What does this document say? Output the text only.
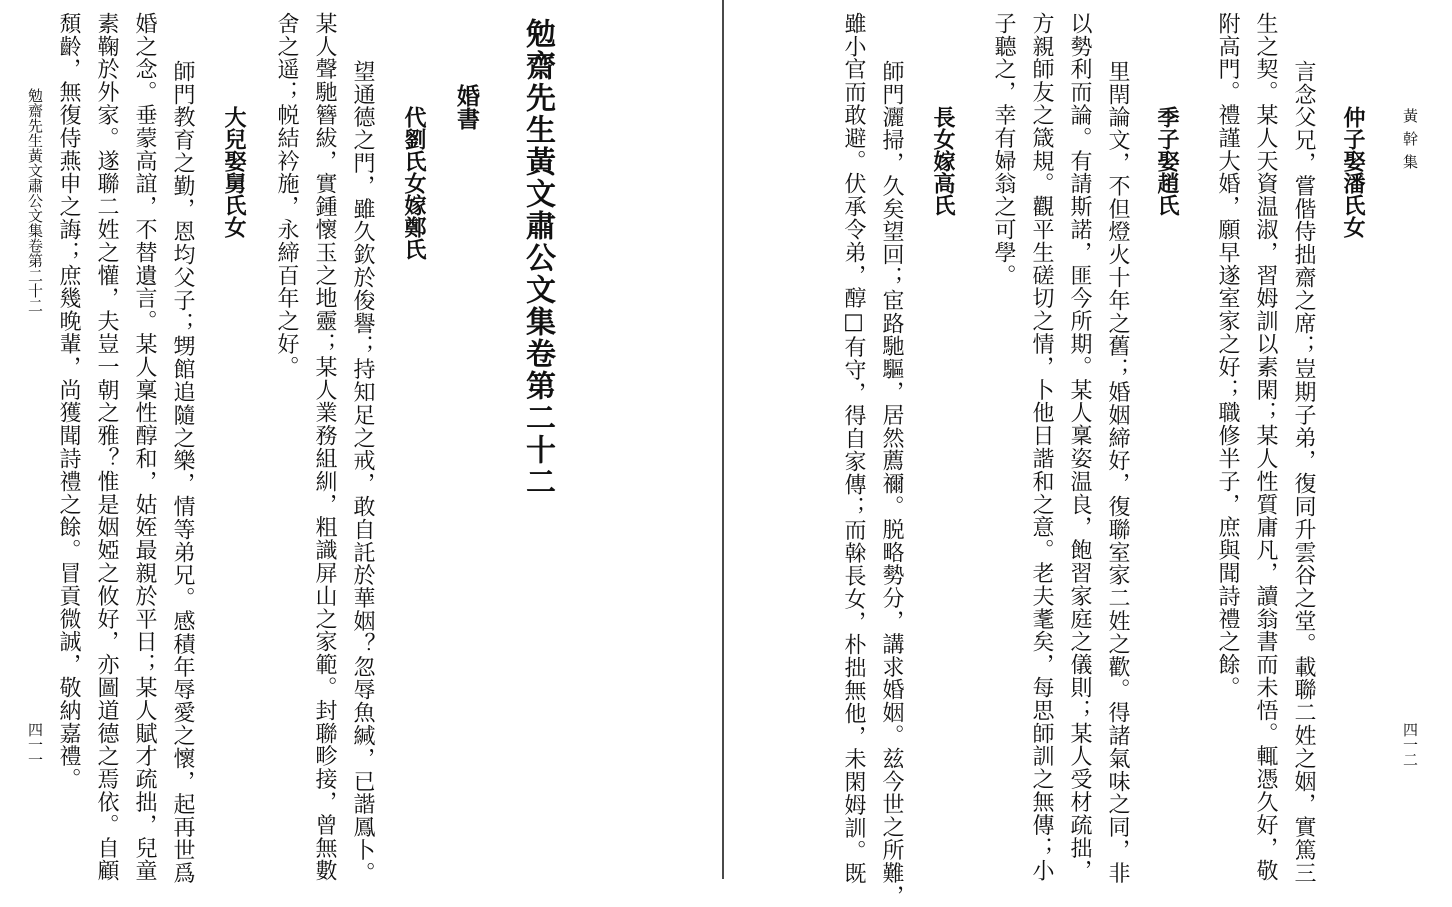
勉齋先生黃文肅公文集卷第二十二
四一一 頹齡，無復侍燕申之誨；庶幾晚輩，尚獲聞詩禮之餘。冒貢微誠，敬納嘉禮。 素鞠於外家。遂聯二姓之懽，夫豈一朝之雅？惟是姻婭之攸好，亦圖道德之焉依。自顧 婚之念。垂蒙高誼，不替遺言。某人稟性醇和，姑姪最親於平日；某人賦才疏拙，兒童 師門教育之勤，恩均父子；甥館追隨之樂，情等弟兄。感積年辱愛之懷，起再世爲 大兒娶舅氏女 舍之遥；帨結衿施，永締百年之好。 某人聲馳簪紱，實鍾懷玉之地靈；某人業務組紃，粗識屏山之家範。封聯畛接，曾無數 望通德之門，雖久欽於俊譽；持知足之戒，敢自託於華姻？忽辱魚緘，已諧鳳卜。 代劉氏女嫁鄭氏 婚書 勉齋先生黃文肅公文集卷第二十二	雖小官而敢避。伏承令弟，醇□有守，得自家傳；而榦長女，朴拙無他，未閑姆訓。既 師門灑掃，久矣望回；宦路馳驅，居然薦禰。脱略勢分，講求婚姻。兹今世之所難， 長女嫁高氏 子聽之，幸有婦翁之可學。 方親師友之箴規。觀平生磋切之情，卜他日諧和之意。老夫耄矣，每思師訓之無傳；小 以勢利而論。有請斯諾，匪今所期。某人稟姿温良，飽習家庭之儀則；某人受材疏拙， 里閈論文，不但燈火十年之舊；婚姻締好，復聯室家二姓之歡。得諸氣味之同，非 季子娶趙氏 附高門。禮謹大婚，願早遂室家之好；職修半子，庶與聞詩禮之餘。 生之契。某人天資温淑，習姆訓以素閑；某人性質庸凡，讀翁書而未悟。輒憑久好，敬 言念父兄，嘗偕侍拙齋之席；豈期子弟，復同升雲谷之堂。載聯二姓之姻，實篤三 仲子娶潘氏女 黃幹集
四一二
